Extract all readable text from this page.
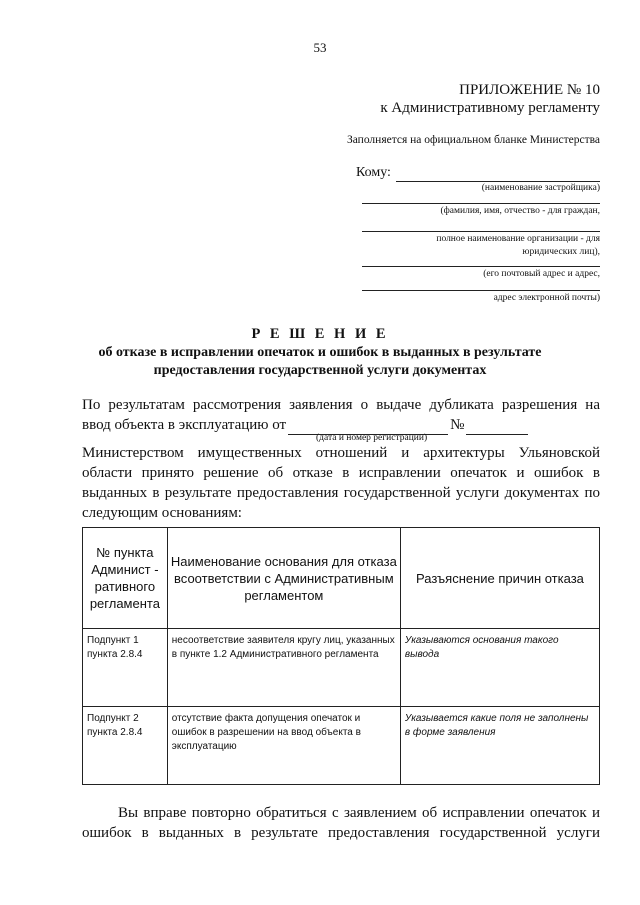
53
ПРИЛОЖЕНИЕ № 10
к Административному регламенту
Заполняется на официальном бланке Министерства
Кому:
(наименование застройщика)
(фамилия, имя, отчество - для граждан,
полное наименование организации - для
юридических лиц),
(его почтовый адрес и адрес,
адрес электронной почты)
Р Е Ш Е Н И Е
об отказе в исправлении опечаток и ошибок в выданных в результате
предоставления государственной услуги документах
По результатам рассмотрения заявления о выдаче дубликата разрешения на
ввод объекта в эксплуатацию от	№
(дата и номер регистрации)
Министерством имущественных отношений и архитектуры Ульяновской области принято решение об отказе в исправлении опечаток и ошибок в выданных в результате предоставления государственной услуги документах по следующим основаниям:
№ пункта Админист - ративного регламента	Наименование основания для отказа всоответствии с Административным регламентом	Разъяснение причин отказа
Подпункт 1 пункта 2.8.4	несоответствие заявителя кругу лиц, указанных в пункте 1.2 Административного регламента	Указываются основания такого вывода
Подпункт 2 пункта 2.8.4	отсутствие факта допущения опечаток и ошибок в разрешении на ввод объекта в эксплуатацию	Указывается какие поля не заполнены в форме заявления
Вы вправе повторно обратиться с заявлением об исправлении опечаток и ошибок в выданных в результате предоставления государственной услуги
